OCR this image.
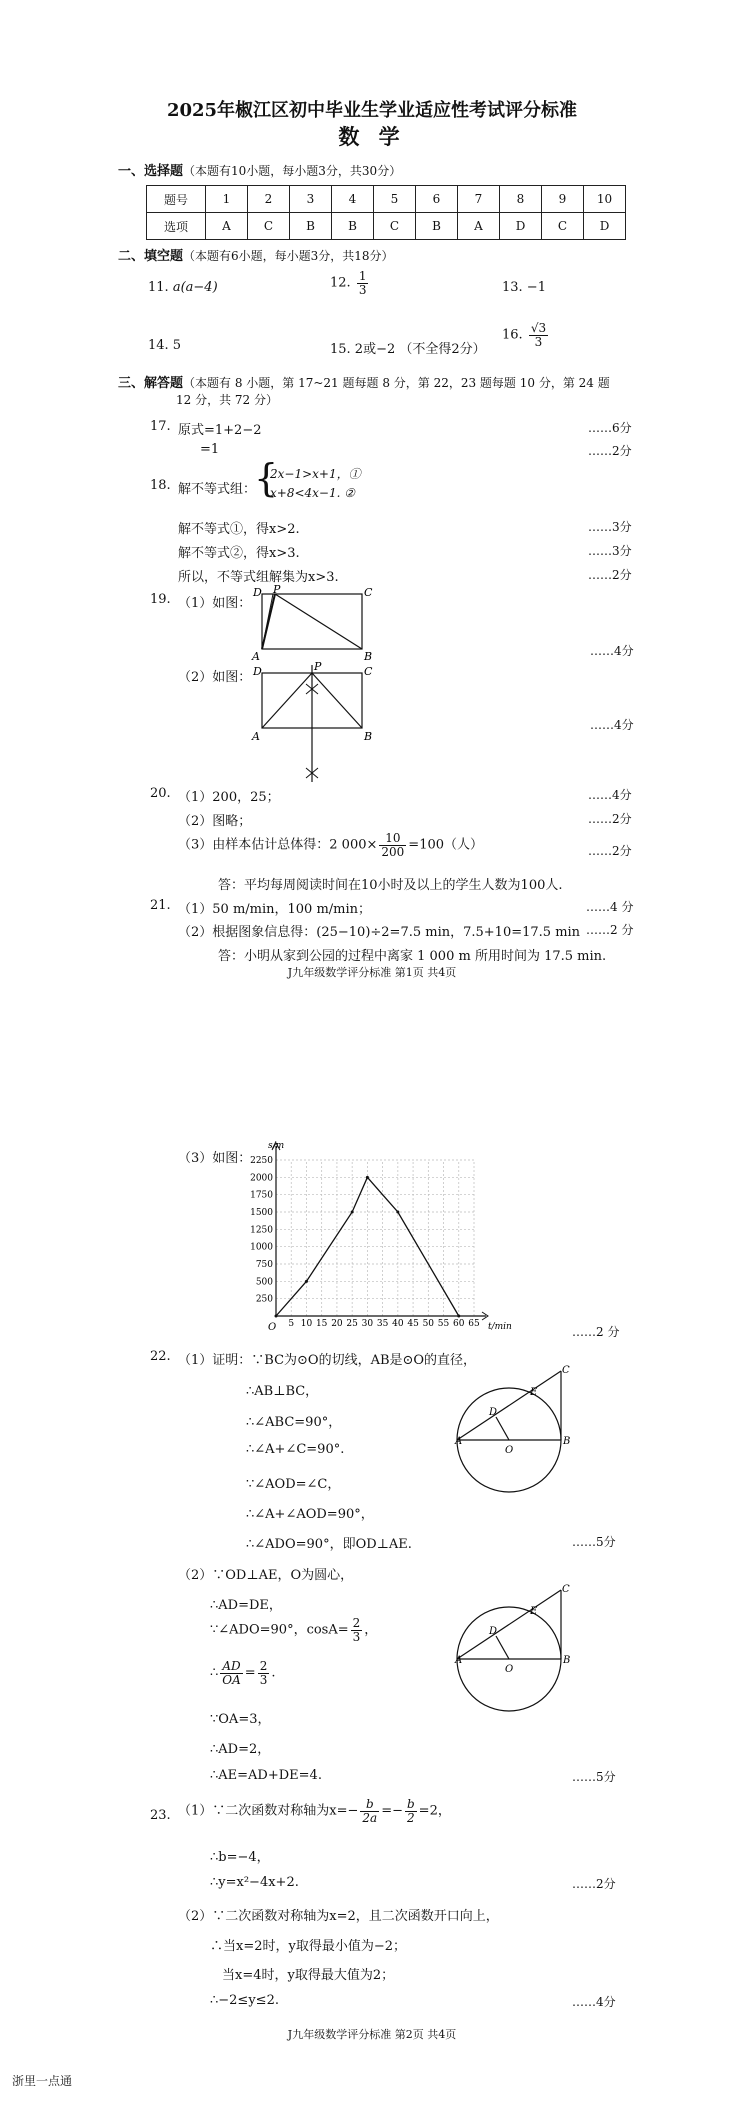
2025年椒江区初中毕业生学业适应性考试评分标准
数 学
一、选择题（本题有10小题，每小题3分，共30分）
题号	1	2	3	4	5	6	7	8	9	10
选项	A	C	B	B	C	B	A	D	C	D
二、填空题（本题有6小题，每小题3分，共18分）
11. a(a−4)	12. $\frac{1}{3}$	13. −1
14. 5	15. 2或−2 （不全得2分）
16. $\frac{√3}{3}$
三、解答题（本题有 8 小题，第 17~21 题每题 8 分，第 22，23 题每题 10 分，第 24 题
12 分，共 72 分）
17. 原式=1+2−2
=1
……6分
……2分
18. 解不等式组：
{
2x−1>x+1，①
x+8<4x−1. ②
解不等式①，得x>2.
解不等式②，得x>3.
所以，不等式组解集为x>3.
……3分
……3分
……2分
19. （1）如图：
（2）如图：
……4分
……4分
D P	C
A	B
D	P	C
A	B
20. （1）200，25；
（2）图略；
（3）由样本估计总体得：2 $000\times \frac{10}{200} =100$（人）
答：平均每周阅读时间在10小时及以上的学生人数为100人.
……4分
……2分
……2分
21. （1）50 m/min，100 m/min；
（2）根据图象信息得：(25−10)÷2=7.5 min，7.5+10=17.5 min
答：小明从家到公园的过程中离家 1 000 m 所用时间为 17.5 min.
……4 分
……2 分
J九年级数学评分标准 第1页 共4页
（3）如图：
……2 分
5 10 15 20 25 30 35 40 45 50 55 60 65
250
500
750
1000
1250
1500
1750
2000
2250
O
s/m
t/min
22. （1）证明：∵BC为⊙O的切线，AB是⊙O的直径，
∴AB⊥BC，
∴∠ABC=90°，
∴∠A+∠C=90°.
∵∠AOD=∠C，
∴∠A+∠AOD=90°，
∴∠ADO=90°，即OD⊥AE.	……5分
A	B
C
D
E
O
（2）∵OD⊥AE，O为圆心，
∴AD=DE，
∵∠ADO=90°，$\cos A= \frac{2}{3}$ ，
∴ $\frac{AD}{OA} = \frac{2}{3}$ .
∵OA=3，
∴AD=2，
∴AE=AD+DE=4.	……5分
A	B
C
D
E
O
23. （1）∵二次函数对称轴为$x=- \frac{b}{2a} =- \frac{b}{2} =2$，
∴b=−4，
∴y=x²−4x+2.	……2分
（2）∵二次函数对称轴为x=2，且二次函数开口向上，
∴当x=2时，y取得最小值为−2；
当x=4时，y取得最大值为2；
∴−2≤y≤2.	……4分
J九年级数学评分标准 第2页 共4页
浙里一点通
